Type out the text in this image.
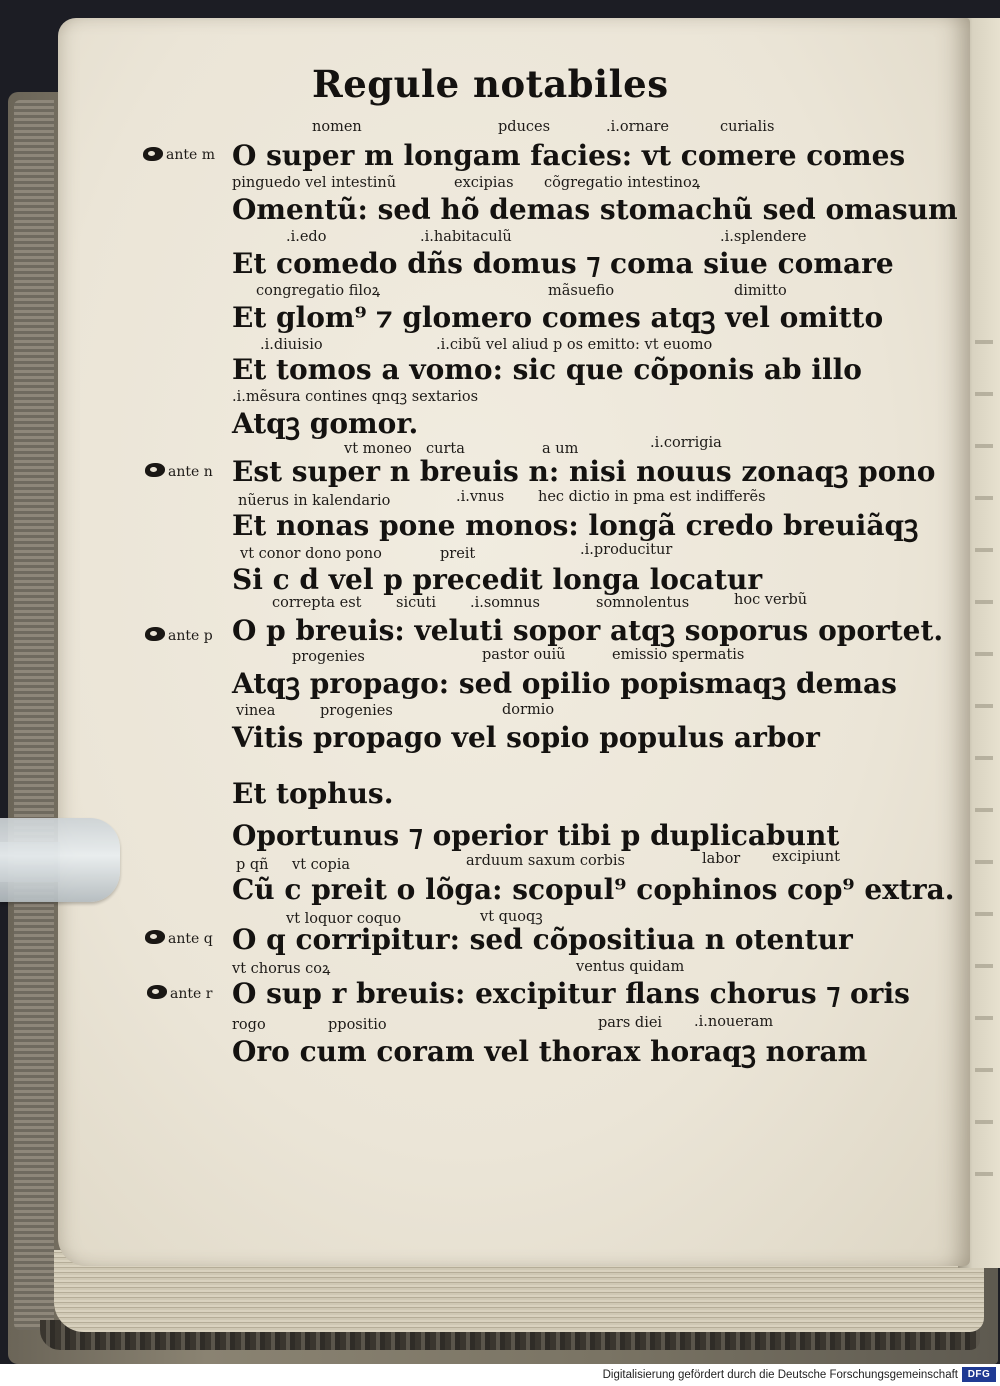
Regule notabiles
nomen	pduces	.i.ornare	curialis
ante m O super m longam facies: vt comere comes
pinguedo vel intestinũ	excipias cõgregatio intestinoꝝ
Omentũ: sed hõ demas stomachũ sed omasum
.i.edo	.i.habitaculũ	.i.splendere
Et comedo dñs domus ⁊ coma siue comare
congregatio filoꝝ	mãsuefio	dimitto
Et glom⁹ ⁊ glomero comes atqꝫ vel omitto
.i.diuisio	.i.cibũ vel aliud p os emitto: vt euomo
Et tomos a vomo: sic que cõponis ab illo
.i.mẽsura contines qnqꝫ sextarios
Atqꝫ gomor.
vt moneo curta	a um	.i.corrigia
ante n Est super n breuis n: nisi nouus zonaqꝫ pono
nũerus in kalendario	.i.vnus hec dictio in pma est indifferẽs
Et nonas pone monos: longã credo breuiãqꝫ
vt conor dono pono	preit	.i.producitur
Si c d vel p precedit longa locatur
correpta est sicuti .i.somnus	somnolentus	hoc verbũ
ante p O p breuis: veluti sopor atqꝫ soporus oportet.
progenies	pastor ouiũ	emissio spermatis
Atqꝫ propago: sed opilio popismaqꝫ demas
vinea	progenies	dormio
Vitis propago vel sopio populus arbor
Et tophus.
Oportunus ⁊ operior tibi p duplicabunt
p qñ vt copia	arduum saxum corbis	labor excipiunt
Cũ c preit o lõga: scopul⁹ cophinos cop⁹ extra.
vt loquor coquo	vt quoqꝫ
ante q O q corripitur: sed cõpositiua n otentur
vt chorus coꝝ	ventus quidam
ante r O sup r breuis: excipitur flans chorus ⁊ oris
rogo	ppositio	pars diei .i.noueram
Oro cum coram vel thorax horaqꝫ noram
Digitalisierung gefördert durch die Deutsche Forschungsgemeinschaft DFG
